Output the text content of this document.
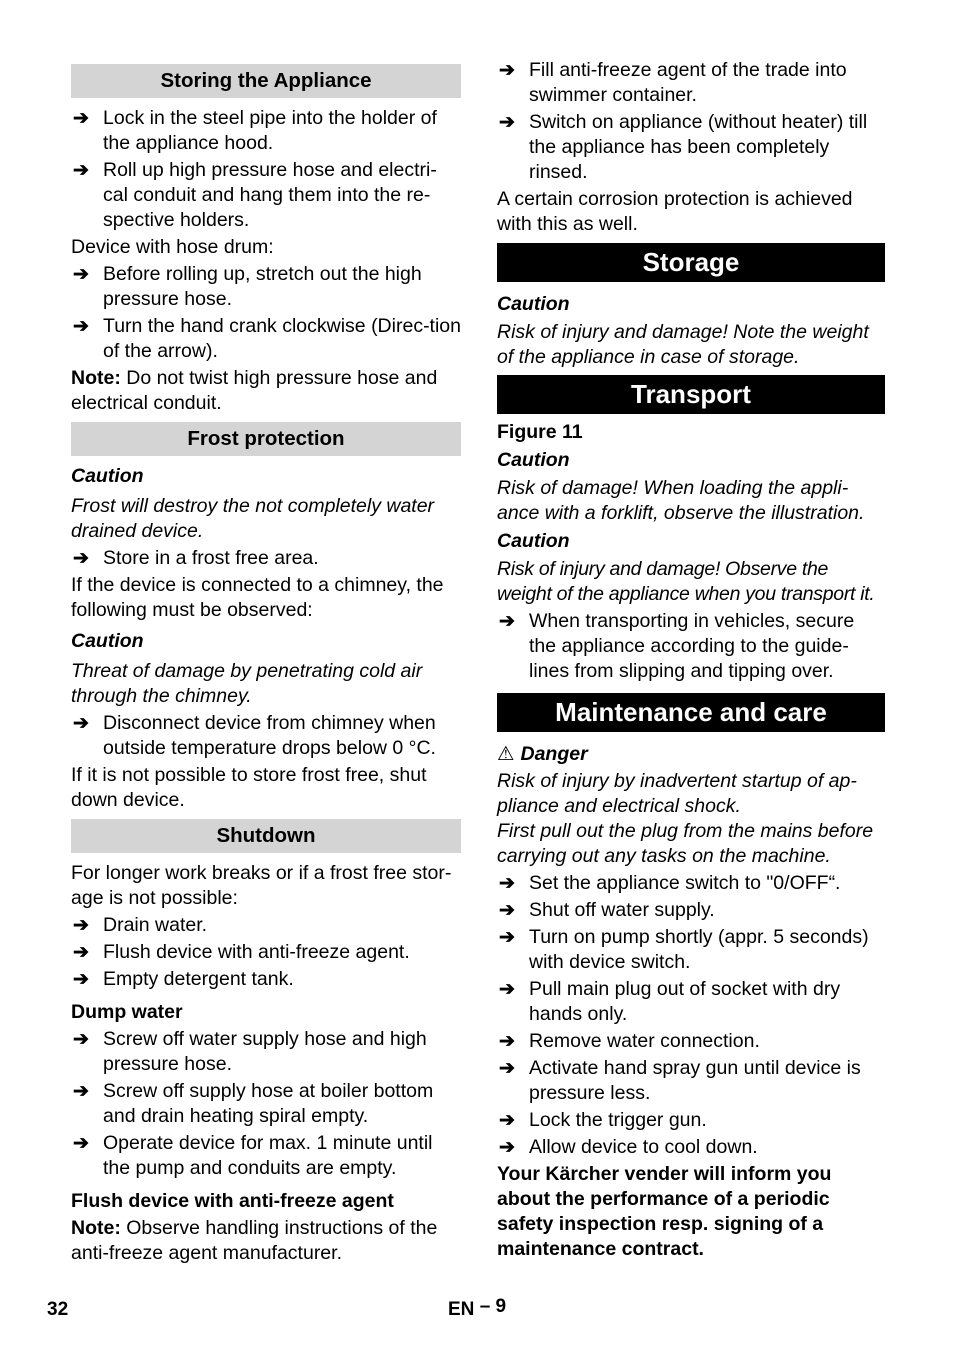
Storing the Appliance
➔ Lock in the steel pipe into the holder of the appliance hood.
➔ Roll up high pressure hose and electri-cal conduit and hang them into the re-spective holders.

Device with hose drum:

➔ Before rolling up, stretch out the high pressure hose.
➔ Turn the hand crank clockwise (Direc-tion of the arrow).

Note: Do not twist high pressure hose and electrical conduit.

Frost protection

Caution

Frost will destroy the not completely water drained device.

➔ Store in a frost free area.

If the device is connected to a chimney, the following must be observed:

Caution

Threat of damage by penetrating cold air through the chimney.

➔ Disconnect device from chimney when outside temperature drops below 0 °C.

If it is not possible to store frost free, shut down device.

Shutdown

For longer work breaks or if a frost free stor-age is not possible:

➔ Drain water.
➔ Flush device with anti-freeze agent.
➔ Empty detergent tank.

Dump water

➔ Screw off water supply hose and high pressure hose.
➔ Screw off supply hose at boiler bottom and drain heating spiral empty.
➔ Operate device for max. 1 minute until the pump and conduits are empty.

Flush device with anti-freeze agent

Note: Observe handling instructions of the anti-freeze agent manufacturer.

➔ Fill anti-freeze agent of the trade into swimmer container.
➔ Switch on appliance (without heater) till the appliance has been completely rinsed.

A certain corrosion protection is achieved with this as well.

Storage

Caution

Risk of injury and damage! Note the weight of the appliance in case of storage.

Transport

Figure 11

Caution

Risk of damage! When loading the appli-ance with a forklift, observe the illustration.

Caution

Risk of injury and damage! Observe the weight of the appliance when you transport it.

➔ When transporting in vehicles, secure the appliance according to the guide-lines from slipping and tipping over.
Maintenance and care

⚠ Danger

Risk of injury by inadvertent startup of ap-pliance and electrical shock.

First pull out the plug from the mains before carrying out any tasks on the machine.

➔ Set the appliance switch to "0/OFF“.
➔ Shut off water supply.
➔ Turn on pump shortly (appr. 5 seconds) with device switch.
➔ Pull main plug out of socket with dry hands only.
➔ Remove water connection.
➔ Activate hand spray gun until device is pressure less.
➔ Lock the trigger gun.
➔ Allow device to cool down.

Your Kärcher vender will inform you about the performance of a periodic safety inspection resp. signing of a maintenance contract.

32	EN – 9
